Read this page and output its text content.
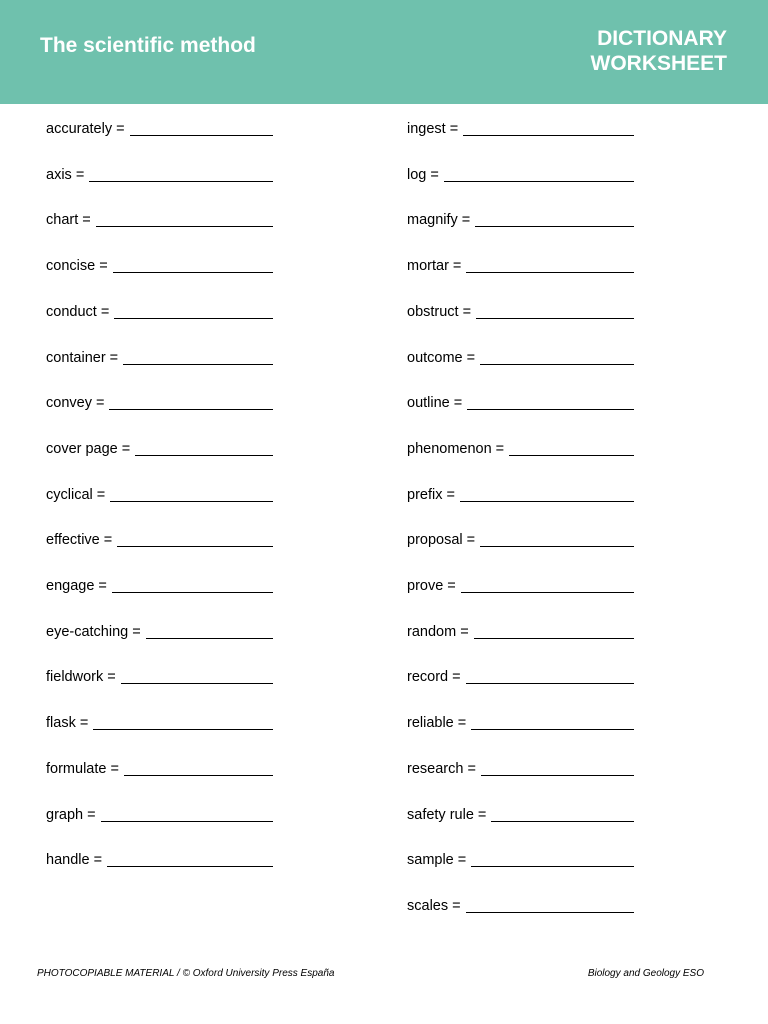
The scientific method	DICTIONARY
WORKSHEET
accurately =
axis =
chart =
concise =
conduct =
container =
convey =
cover page =
cyclical =
effective =
engage =
eye-catching =
fieldwork =
flask =
formulate =
graph =
handle =
ingest =
log =
magnify =
mortar =
obstruct =
outcome =
outline =
phenomenon =
prefix =
proposal =
prove =
random =
record =
reliable =
research =
safety rule =
sample =
scales =
PHOTOCOPIABLE MATERIAL / © Oxford University Press España	Biology and Geology ESO
